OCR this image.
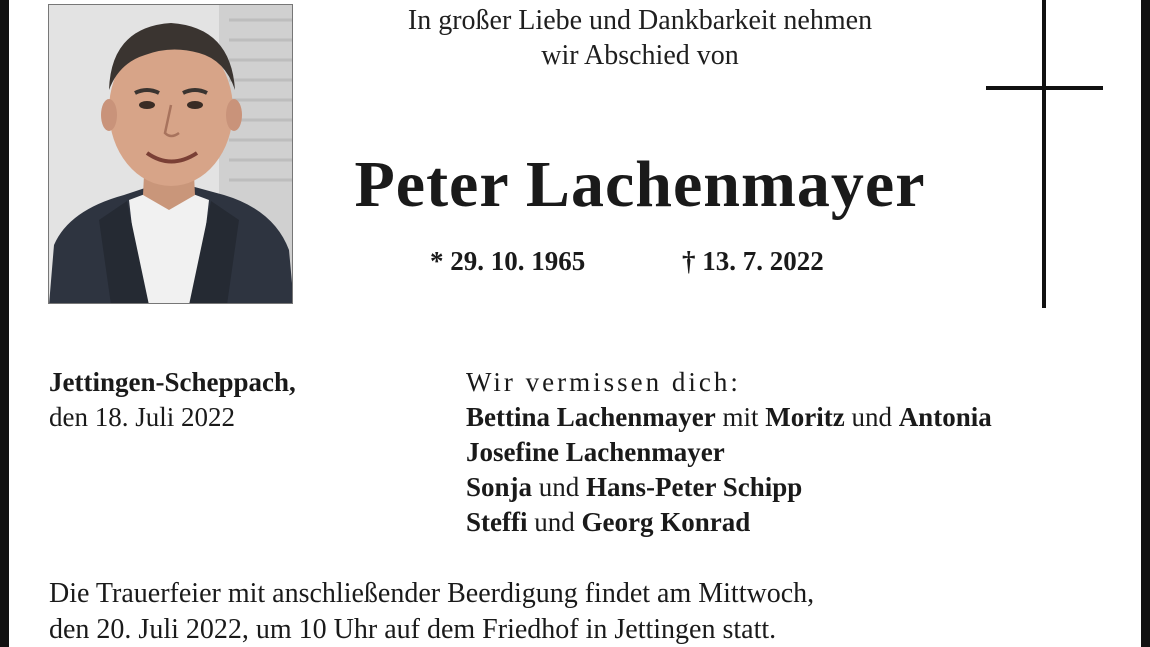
In großer Liebe und Dankbarkeit nehmen
wir Abschied von
Peter Lachenmayer
* 29. 10. 1965	† 13. 7. 2022
Jettingen-Scheppach,
den 18. Juli 2022
Wir vermissen dich:
Bettina Lachenmayer mit Moritz und Antonia
Josefine Lachenmayer
Sonja und Hans-Peter Schipp
Steffi und Georg Konrad
Die Trauerfeier mit anschließender Beerdigung findet am Mittwoch,
den 20. Juli 2022, um 10 Uhr auf dem Friedhof in Jettingen statt.
